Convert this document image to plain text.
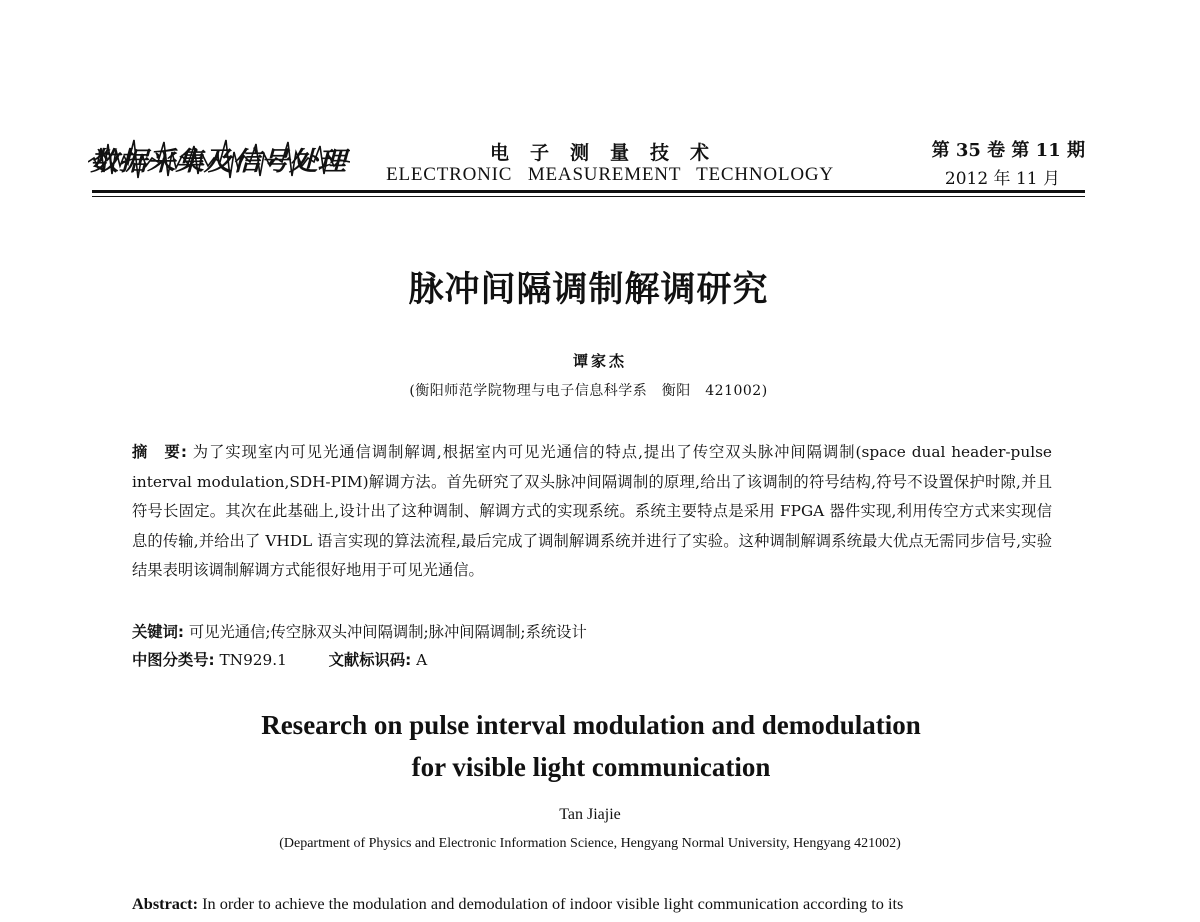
数据采集及信号处理	电子测量技术
ELECTRONIC MEASUREMENT TECHNOLOGY
第 35 卷 第 11 期
2012 年 11 月
脉冲间隔调制解调研究
谭家杰
(衡阳师范学院物理与电子信息科学系　衡阳　421002)
摘　要: 为了实现室内可见光通信调制解调,根据室内可见光通信的特点,提出了传空双头脉冲间隔调制(space dual header-pulse interval modulation,SDH-PIM)解调方法。首先研究了双头脉冲间隔调制的原理,给出了该调制的符号结构,符号不设置保护时隙,并且符号长固定。其次在此基础上,设计出了这种调制、解调方式的实现系统。系统主要特点是采用 FPGA 器件实现,利用传空方式来实现信息的传输,并给出了 VHDL 语言实现的算法流程,最后完成了调制解调系统并进行了实验。这种调制解调系统最大优点无需同步信号,实验结果表明该调制解调方式能很好地用于可见光通信。
关键词: 可见光通信;传空脉双头冲间隔调制;脉冲间隔调制;系统设计
中图分类号: TN929.1	文献标识码: A
Research on pulse interval modulation and demodulation
for visible light communication
Tan Jiajie
(Department of Physics and Electronic Information Science, Hengyang Normal University, Hengyang 421002)
Abstract: In order to achieve the modulation and demodulation of indoor visible light communication according to its
